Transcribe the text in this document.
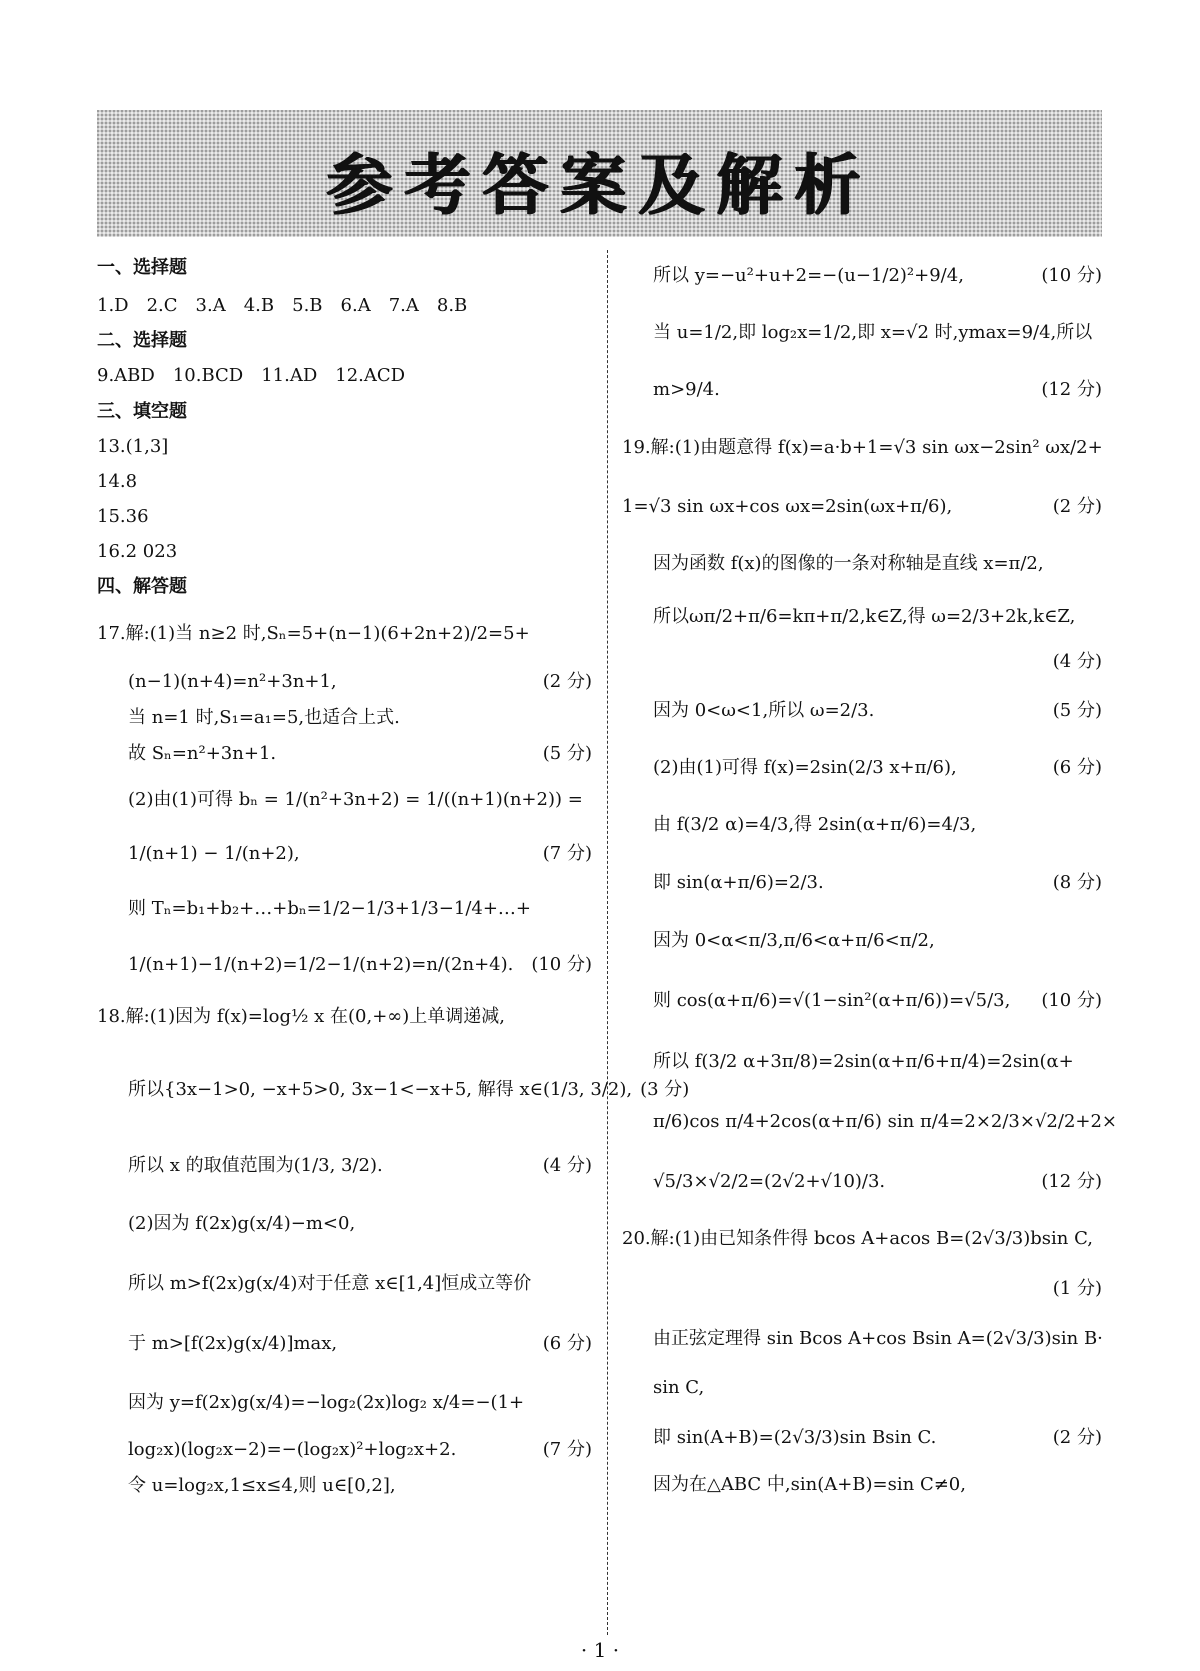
参考答案及解析
一、选择题
1.D　2.C　3.A　4.B　5.B　6.A　7.A　8.B
二、选择题
9.ABD　10.BCD　11.AD　12.ACD
三、填空题
13.(1,3]
14.8
15.36
16.2 023
四、解答题
17.解:(1)当 n≥2 时,Sₙ=5+(n−1)(6+2n+2)/2=5+
(n−1)(n+4)=n²+3n+1,	(2 分)
当 n=1 时,S₁=a₁=5,也适合上式.
故 Sₙ=n²+3n+1.	(5 分)
(2)由(1)可得 bₙ = 1/(n²+3n+2) = 1/((n+1)(n+2)) =
1/(n+1) − 1/(n+2),	(7 分)
则 Tₙ=b₁+b₂+…+bₙ=1/2−1/3+1/3−1/4+…+
1/(n+1)−1/(n+2)=1/2−1/(n+2)=n/(2n+4). (10 分)
18.解:(1)因为 f(x)=log½ x 在(0,+∞)上单调递减,
所以{3x−1>0, −x+5>0, 3x−1<−x+5, 解得 x∈(1/3, 3/2), (3 分)
所以 x 的取值范围为(1/3, 3/2).	(4 分)
(2)因为 f(2x)g(x/4)−m<0,
所以 m>f(2x)g(x/4)对于任意 x∈[1,4]恒成立等价
于 m>[f(2x)g(x/4)]max,	(6 分)
因为 y=f(2x)g(x/4)=−log₂(2x)log₂ x/4=−(1+
log₂x)(log₂x−2)=−(log₂x)²+log₂x+2.	(7 分)
令 u=log₂x,1≤x≤4,则 u∈[0,2],
所以 y=−u²+u+2=−(u−1/2)²+9/4,	(10 分)
当 u=1/2,即 log₂x=1/2,即 x=√2 时,ymax=9/4,所以
m>9/4.	(12 分)
19.解:(1)由题意得 f(x)=a·b+1=√3 sin ωx−2sin² ωx/2+
1=√3 sin ωx+cos ωx=2sin(ωx+π/6),	(2 分)
因为函数 f(x)的图像的一条对称轴是直线 x=π/2,
所以ωπ/2+π/6=kπ+π/2,k∈Z,得 ω=2/3+2k,k∈Z,
(4 分)
因为 0<ω<1,所以 ω=2/3.	(5 分)
(2)由(1)可得 f(x)=2sin(2/3 x+π/6),	(6 分)
由 f(3/2 α)=4/3,得 2sin(α+π/6)=4/3,
即 sin(α+π/6)=2/3.	(8 分)
因为 0<α<π/3,π/6<α+π/6<π/2,
则 cos(α+π/6)=√(1−sin²(α+π/6))=√5/3,	(10 分)
所以 f(3/2 α+3π/8)=2sin(α+π/6+π/4)=2sin(α+
π/6)cos π/4+2cos(α+π/6) sin π/4=2×2/3×√2/2+2×
√5/3×√2/2=(2√2+√10)/3.	(12 分)
20.解:(1)由已知条件得 bcos A+acos B=(2√3/3)bsin C,
(1 分)
由正弦定理得 sin Bcos A+cos Bsin A=(2√3/3)sin B·
sin C,
即 sin(A+B)=(2√3/3)sin Bsin C.	(2 分)
因为在△ABC 中,sin(A+B)=sin C≠0,
· 1 ·
